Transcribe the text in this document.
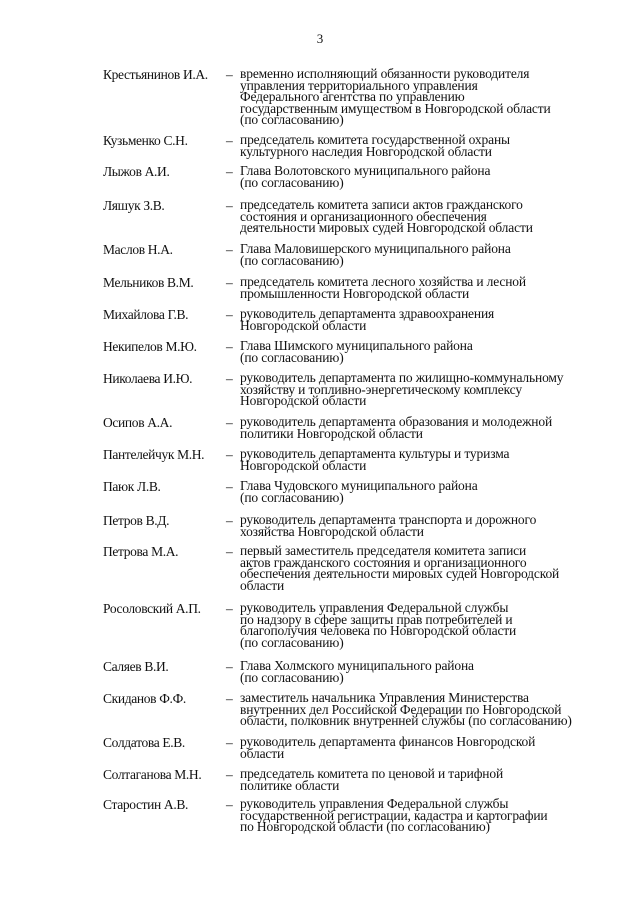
3
Крестьянинов И.А.	– временно исполняющий обязанности руководителя
управления территориального управления
Федерального агентства по управлению
государственным имуществом в Новгородской области
(по согласованию)
Кузьменко С.Н.	– председатель комитета государственной охраны
культурного наследия Новгородской области
Лыжов А.И.	– Глава Волотовского муниципального района
(по согласованию)
Ляшук З.В.	– председатель комитета записи актов гражданского
состояния и организационного обеспечения
деятельности мировых судей Новгородской области
Маслов Н.А.	– Глава Маловишерского муниципального района
(по согласованию)
Мельников В.М.	– председатель комитета лесного хозяйства и лесной
промышленности Новгородской области
Михайлова Г.В.	– руководитель департамента здравоохранения
Новгородской области
Некипелов М.Ю.	– Глава Шимского муниципального района
(по согласованию)
Николаева И.Ю.	– руководитель департамента по жилищно-коммунальному
хозяйству и топливно-энергетическому комплексу
Новгородской области
Осипов А.А.	– руководитель департамента образования и молодежной
политики Новгородской области
Пантелейчук М.Н.	– руководитель департамента культуры и туризма
Новгородской области
Паюк Л.В.	– Глава Чудовского муниципального района
(по согласованию)
Петров В.Д.	– руководитель департамента транспорта и дорожного
хозяйства Новгородской области
Петрова М.А.	– первый заместитель председателя комитета записи
актов гражданского состояния и организационного
обеспечения деятельности мировых судей Новгородской
области
Росоловский А.П.	– руководитель управления Федеральной службы
по надзору в сфере защиты прав потребителей и
благополучия человека по Новгородской области
(по согласованию)
Саляев В.И.	– Глава Холмского муниципального района
(по согласованию)
Скиданов Ф.Ф.	– заместитель начальника Управления Министерства
внутренних дел Российской Федерации по Новгородской
области, полковник внутренней службы (по согласованию)
Солдатова Е.В.	– руководитель департамента финансов Новгородской
области
Солтаганова М.Н.	– председатель комитета по ценовой и тарифной
политике области
Старостин А.В.	– руководитель управления Федеральной службы
государственной регистрации, кадастра и картографии
по Новгородской области (по согласованию)
